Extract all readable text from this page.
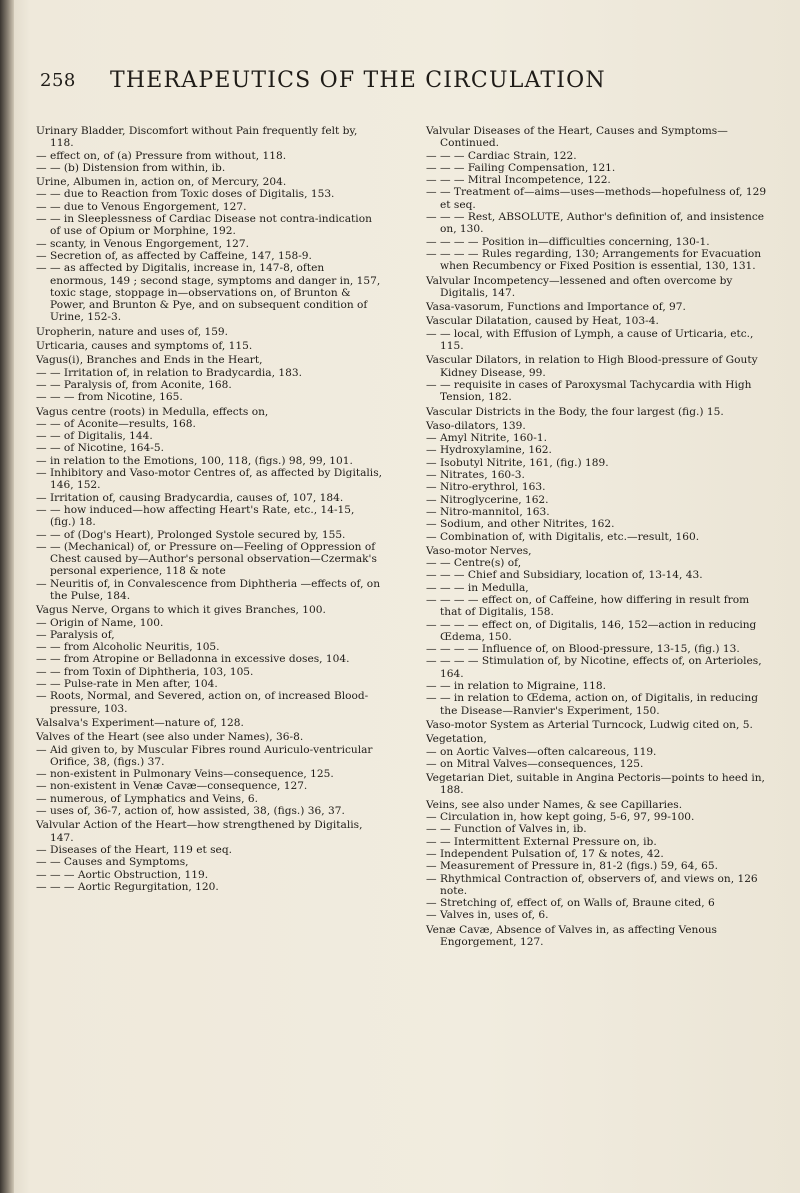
258 THERAPEUTICS OF THE CIRCULATION

Urinary Bladder, Discomfort without Pain frequently felt by, 118.

— effect on, of (a) Pressure from without, 118.

— — (b) Distension from within, ib.

Urine, Albumen in, action on, of Mercury, 204.

— — due to Reaction from Toxic doses of Digitalis, 153.

— — due to Venous Engorgement, 127.

— — in Sleeplessness of Cardiac Disease not contra-indication of use of Opium or Morphine, 192.

— scanty, in Venous Engorgement, 127.

— Secretion of, as affected by Caffeine, 147, 158-9.

— — as affected by Digitalis, increase in, 147-8, often enormous, 149 ; second stage, symptoms and danger in, 157, toxic stage, stoppage in—observations on, of Brunton & Power, and Brunton & Pye, and on subsequent condition of Urine, 152-3.

Uropherin, nature and uses of, 159.

Urticaria, causes and symptoms of, 115.

Vagus(i), Branches and Ends in the Heart,

— — Irritation of, in relation to Bradycardia, 183.

— — Paralysis of, from Aconite, 168.

— — — from Nicotine, 165.

Vagus centre (roots) in Medulla, effects on,

— — of Aconite—results, 168.

— — of Digitalis, 144.

— — of Nicotine, 164-5.

— in relation to the Emotions, 100, 118, (figs.) 98, 99, 101.

— Inhibitory and Vaso-motor Centres of, as affected by Digitalis, 146, 152.

— Irritation of, causing Bradycardia, causes of, 107, 184.

— — how induced—how affecting Heart's Rate, etc., 14-15, (fig.) 18.

— — of (Dog's Heart), Prolonged Systole secured by, 155.

— — (Mechanical) of, or Pressure on—Feeling of Oppression of Chest caused by—Author's personal observation—Czermak's personal experience, 118 & note

— Neuritis of, in Convalescence from Diphtheria —effects of, on the Pulse, 184.

Vagus Nerve, Organs to which it gives Branches, 100.

— Origin of Name, 100.

— Paralysis of,

— — from Alcoholic Neuritis, 105.

— — from Atropine or Belladonna in excessive doses, 104.

— — from Toxin of Diphtheria, 103, 105.

— — Pulse-rate in Men after, 104.

— Roots, Normal, and Severed, action on, of increased Blood-pressure, 103.

Valsalva's Experiment—nature of, 128.

Valves of the Heart (see also under Names), 36-8.

— Aid given to, by Muscular Fibres round Auriculo-ventricular Orifice, 38, (figs.) 37.

— non-existent in Pulmonary Veins—consequence, 125.

— non-existent in Venæ Cavæ—consequence, 127.

— numerous, of Lymphatics and Veins, 6.

— uses of, 36-7, action of, how assisted, 38, (figs.) 36, 37.

Valvular Action of the Heart—how strengthened by Digitalis, 147.

— Diseases of the Heart, 119 et seq.

— — Causes and Symptoms,

— — — Aortic Obstruction, 119.

— — — Aortic Regurgitation, 120.

Valvular Diseases of the Heart, Causes and Symptoms—Continued.

— — — Cardiac Strain, 122.

— — — Failing Compensation, 121.

— — — Mitral Incompetence, 122.

— — Treatment of—aims—uses—methods—hopefulness of, 129 et seq.

— — — Rest, ABSOLUTE, Author's definition of, and insistence on, 130.

— — — — Position in—difficulties concerning, 130-1.

— — — — Rules regarding, 130; Arrangements for Evacuation when Recumbency or Fixed Position is essential, 130, 131.

Valvular Incompetency—lessened and often overcome by Digitalis, 147.

Vasa-vasorum, Functions and Importance of, 97.

Vascular Dilatation, caused by Heat, 103-4.

— — local, with Effusion of Lymph, a cause of Urticaria, etc., 115.

Vascular Dilators, in relation to High Blood-pressure of Gouty Kidney Disease, 99.

— — requisite in cases of Paroxysmal Tachycardia with High Tension, 182.

Vascular Districts in the Body, the four largest (fig.) 15.

Vaso-dilators, 139.

— Amyl Nitrite, 160-1.

— Hydroxylamine, 162.

— Isobutyl Nitrite, 161, (fig.) 189.

— Nitrates, 160-3.

— Nitro-erythrol, 163.

— Nitroglycerine, 162.

— Nitro-mannitol, 163.

— Sodium, and other Nitrites, 162.

— Combination of, with Digitalis, etc.—result, 160.

Vaso-motor Nerves,

— — Centre(s) of,

— — — Chief and Subsidiary, location of, 13-14, 43.

— — — in Medulla,

— — — — effect on, of Caffeine, how differing in result from that of Digitalis, 158.

— — — — effect on, of Digitalis, 146, 152—action in reducing Œdema, 150.

— — — — Influence of, on Blood-pressure, 13-15, (fig.) 13.

— — — — Stimulation of, by Nicotine, effects of, on Arterioles, 164.

— — in relation to Migraine, 118.

— — in relation to Œdema, action on, of Digitalis, in reducing the Disease—Ranvier's Experiment, 150.

Vaso-motor System as Arterial Turncock, Ludwig cited on, 5.

Vegetation,

— on Aortic Valves—often calcareous, 119.

— on Mitral Valves—consequences, 125.

Vegetarian Diet, suitable in Angina Pectoris—points to heed in, 188.

Veins, see also under Names, & see Capillaries.

— Circulation in, how kept going, 5-6, 97, 99-100.

— — Function of Valves in, ib.

— — Intermittent External Pressure on, ib.

— Independent Pulsation of, 17 & notes, 42.

— Measurement of Pressure in, 81-2 (figs.) 59, 64, 65.

— Rhythmical Contraction of, observers of, and views on, 126 note.

— Stretching of, effect of, on Walls of, Braune cited, 6

— Valves in, uses of, 6.

Venæ Cavæ, Absence of Valves in, as affecting Venous Engorgement, 127.
